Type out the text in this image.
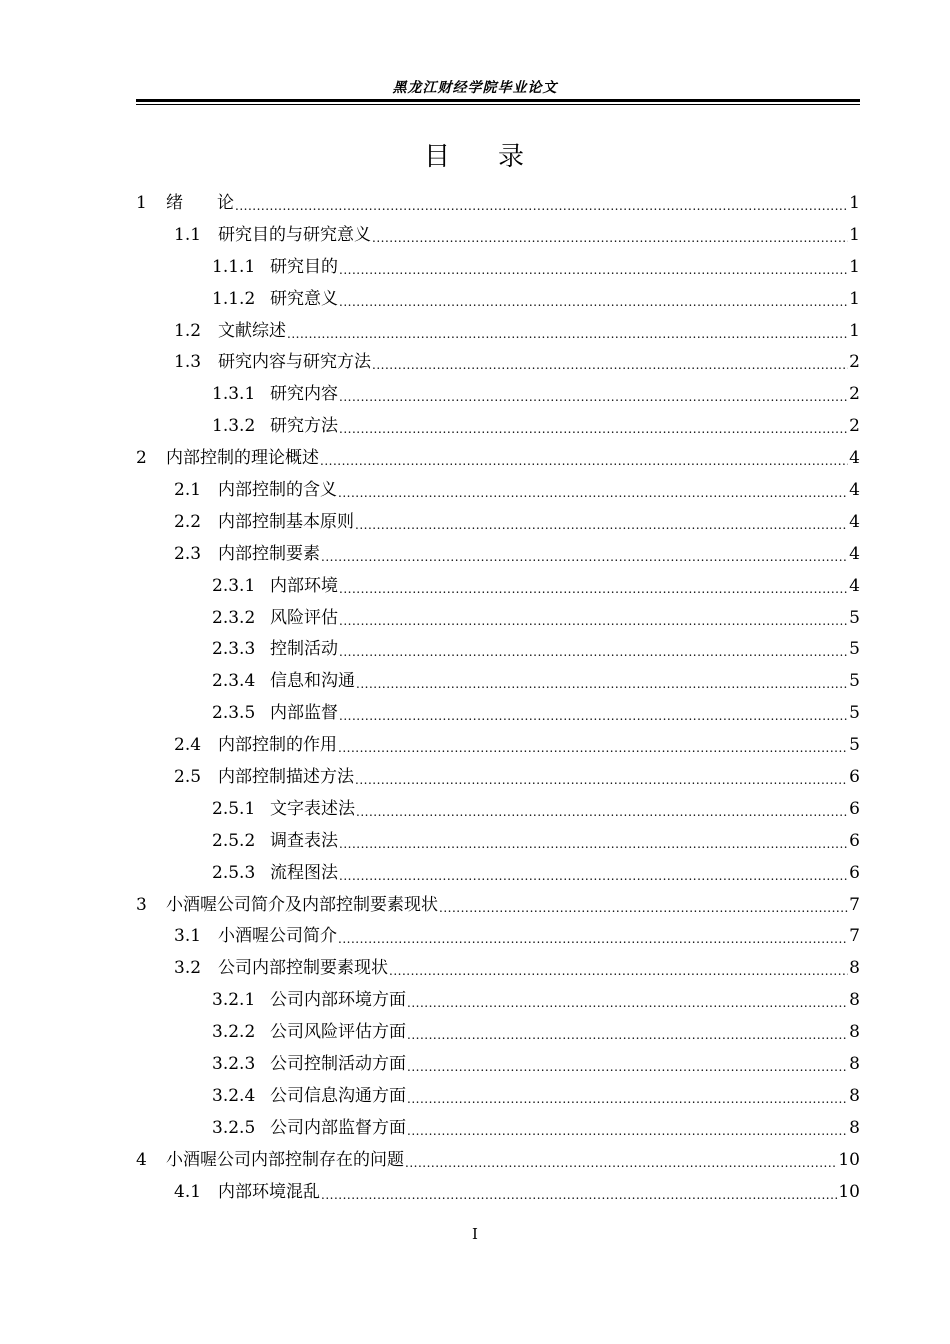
黑龙江财经学院毕业论文
目 录
1	绪　　论 .....	1
1.1 研究目的与研究意义 .....	1
1.1.1 研究目的 .....	1
1.1.2 研究意义 .....	1
1.2 文献综述 .....	1
1.3 研究内容与研究方法 .....	2
1.3.1 研究内容 .....	2
1.3.2 研究方法 .....	2
2	内部控制的理论概述 .....	4
2.1 内部控制的含义 .....	4
2.2 内部控制基本原则 .....	4
2.3 内部控制要素 .....	4
2.3.1 内部环境 .....	4
2.3.2 风险评估 .....	5
2.3.3 控制活动 .....	5
2.3.4 信息和沟通 .....	5
2.3.5 内部监督 .....	5
2.4 内部控制的作用 .....	5
2.5 内部控制描述方法 .....	6
2.5.1 文字表述法 .....	6
2.5.2 调查表法 .....	6
2.5.3 流程图法 .....	6
3	小酒喔公司简介及内部控制要素现状 .....	7
3.1 小酒喔公司简介 .....	7
3.2 公司内部控制要素现状 .....	8
3.2.1 公司内部环境方面 .....	8
3.2.2 公司风险评估方面 .....	8
3.2.3 公司控制活动方面 .....	8
3.2.4 公司信息沟通方面 .....	8
3.2.5 公司内部监督方面 .....	8
4	小酒喔公司内部控制存在的问题 .....	10
4.1 内部环境混乱 .....	10
I
